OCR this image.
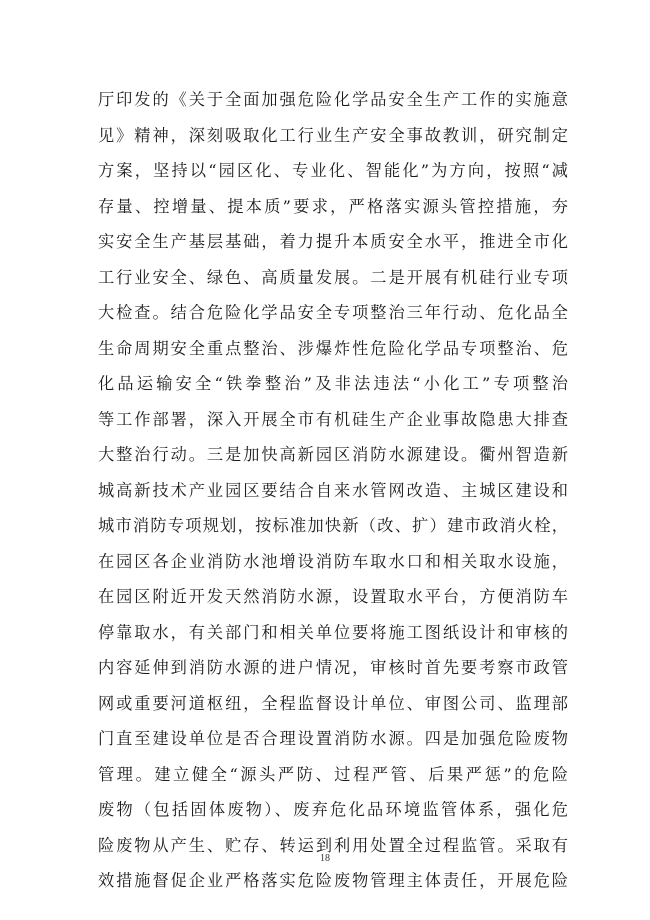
厅印发的《关于全面加强危险化学品安全生产工作的实施意
见》精神，深刻吸取化工行业生产安全事故教训，研究制定
方案，坚持以“园区化、专业化、智能化”为方向，按照“减
存量、控增量、提本质”要求，严格落实源头管控措施，夯
实安全生产基层基础，着力提升本质安全水平，推进全市化
工行业安全、绿色、高质量发展。二是开展有机硅行业专项
大检查。结合危险化学品安全专项整治三年行动、危化品全
生命周期安全重点整治、涉爆炸性危险化学品专项整治、危
化品运输安全“铁拳整治”及非法违法“小化工”专项整治
等工作部署，深入开展全市有机硅生产企业事故隐患大排查
大整治行动。三是加快高新园区消防水源建设。衢州智造新
城高新技术产业园区要结合自来水管网改造、主城区建设和
城市消防专项规划，按标准加快新（改、扩）建市政消火栓，
在园区各企业消防水池增设消防车取水口和相关取水设施，
在园区附近开发天然消防水源，设置取水平台，方便消防车
停靠取水，有关部门和相关单位要将施工图纸设计和审核的
内容延伸到消防水源的进户情况，审核时首先要考察市政管
网或重要河道枢纽，全程监督设计单位、审图公司、监理部
门直至建设单位是否合理设置消防水源。四是加强危险废物
管理。建立健全“源头严防、过程严管、后果严惩”的危险
废物（包括固体废物）、废弃危化品环境监管体系，强化危
险废物从产生、贮存、转运到利用处置全过程监管。采取有
效措施督促企业严格落实危险废物管理主体责任，开展危险
18
